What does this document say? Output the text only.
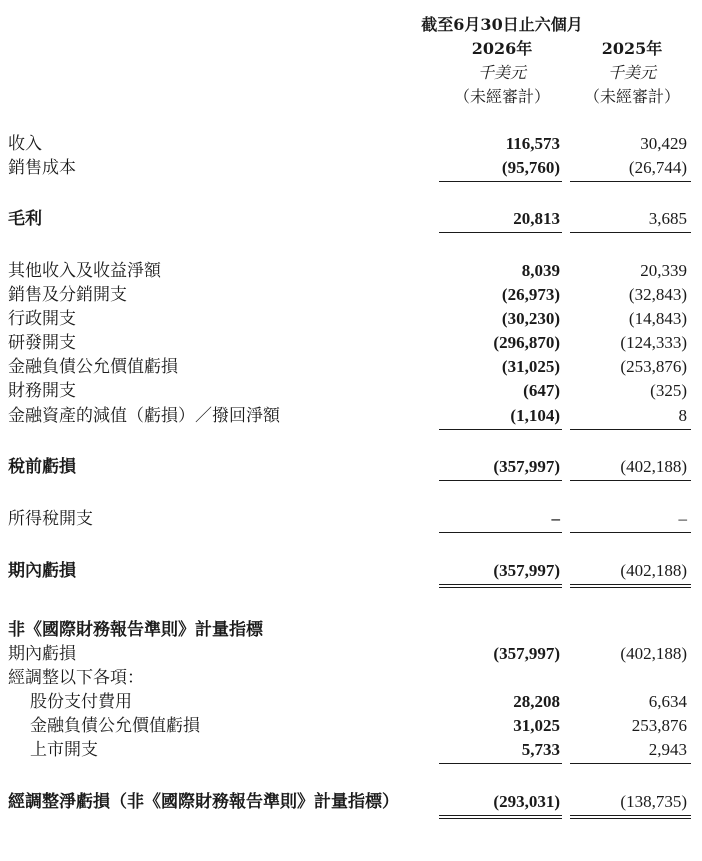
截至6月30日止六個月
2026年	2025年
千美元	千美元
（未經審計）	（未經審計）
收入	116,573	30,429
銷售成本	(95,760)	(26,744)
毛利	20,813	3,685
其他收入及收益淨額	8,039	20,339
銷售及分銷開支	(26,973)	(32,843)
行政開支	(30,230)	(14,843)
研發開支	(296,870)	(124,333)
金融負債公允價值虧損	(31,025)	(253,876)
財務開支	(647)	(325)
金融資產的減值（虧損）／撥回淨額	(1,104)	8
稅前虧損	(357,997)	(402,188)
所得稅開支	–	–
期內虧損	(357,997)	(402,188)
非《國際財務報告準則》計量指標
期內虧損	(357,997)	(402,188)
經調整以下各項：
股份支付費用	28,208	6,634
金融負債公允價值虧損	31,025	253,876
上市開支	5,733	2,943
經調整淨虧損（非《國際財務報告準則》計量指標）	(293,031)	(138,735)
